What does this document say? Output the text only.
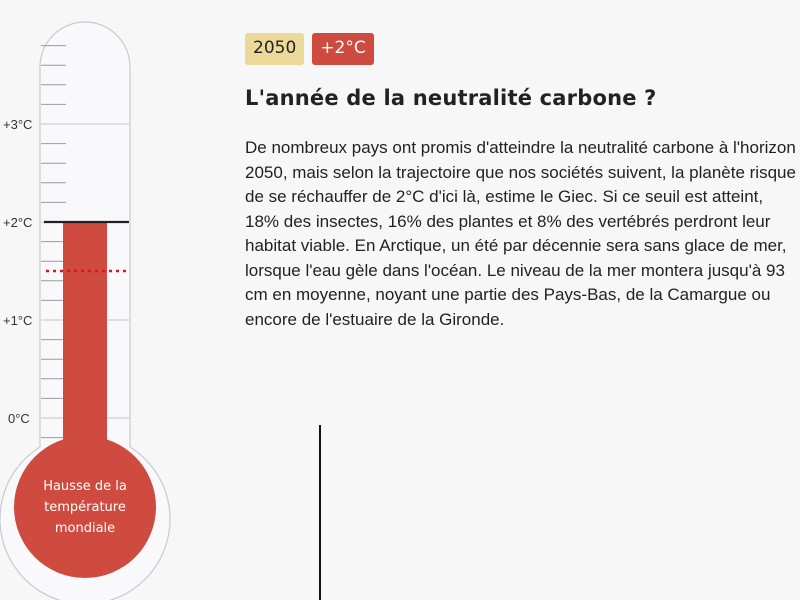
+3°C
+2°C
+1°C
0°C
Hausse de la
température
mondiale
2050	+2°C
L'année de la neutralité carbone ?

De nombreux pays ont promis d'atteindre la neutralité carbone à l'horizon 2050, mais selon la trajectoire que nos sociétés suivent, la planète risque de se réchauffer de 2°C d'ici là, estime le Giec. Si ce seuil est atteint, 18% des insectes, 16% des plantes et 8% des vertébrés perdront leur habitat viable. En Arctique, un été par décennie sera sans glace de mer, lorsque l'eau gèle dans l'océan. Le niveau de la mer montera jusqu'à 93 cm en moyenne, noyant une partie des Pays-Bas, de la Camargue ou encore de l'estuaire de la Gironde.
